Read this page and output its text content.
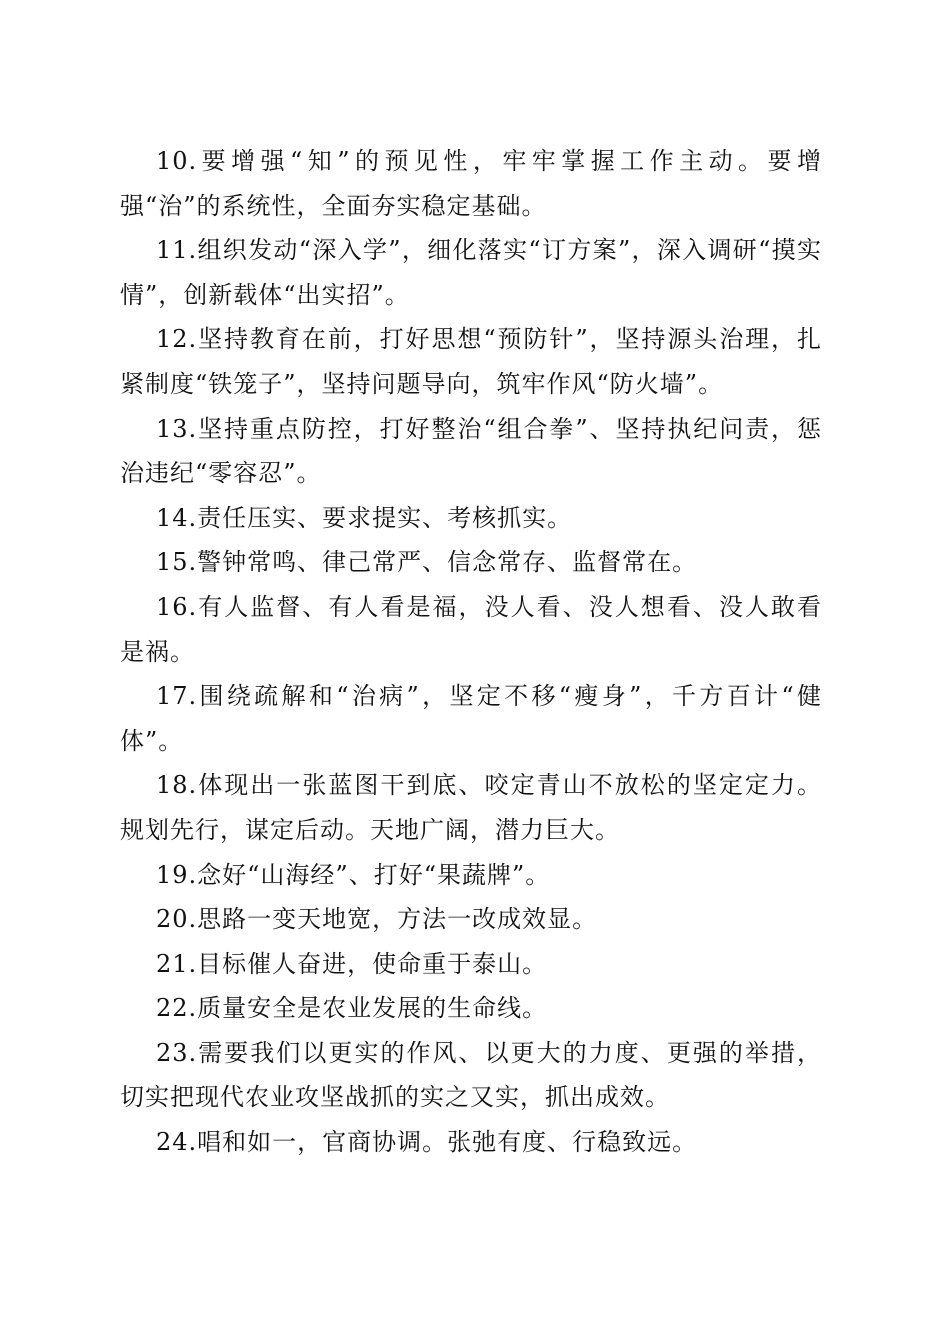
10.要增强“知”的预见性，牢牢掌握工作主动。要增强“治”的系统性，全面夯实稳定基础。

11.组织发动“深入学”，细化落实“订方案”，深入调研“摸实情”，创新载体“出实招”。

12.坚持教育在前，打好思想“预防针”，坚持源头治理，扎紧制度“铁笼子”，坚持问题导向，筑牢作风“防火墙”。

13.坚持重点防控，打好整治“组合拳”、坚持执纪问责，惩治违纪“零容忍”。

14.责任压实、要求提实、考核抓实。

15.警钟常鸣、律己常严、信念常存、监督常在。

16.有人监督、有人看是福，没人看、没人想看、没人敢看是祸。

17.围绕疏解和“治病”，坚定不移“瘦身”，千方百计“健体”。

18.体现出一张蓝图干到底、咬定青山不放松的坚定定力。规划先行，谋定后动。天地广阔，潜力巨大。

19.念好“山海经”、打好“果蔬牌”。

20.思路一变天地宽，方法一改成效显。

21.目标催人奋进，使命重于泰山。

22.质量安全是农业发展的生命线。

23.需要我们以更实的作风、以更大的力度、更强的举措，切实把现代农业攻坚战抓的实之又实，抓出成效。

24.唱和如一，官商协调。张弛有度、行稳致远。
